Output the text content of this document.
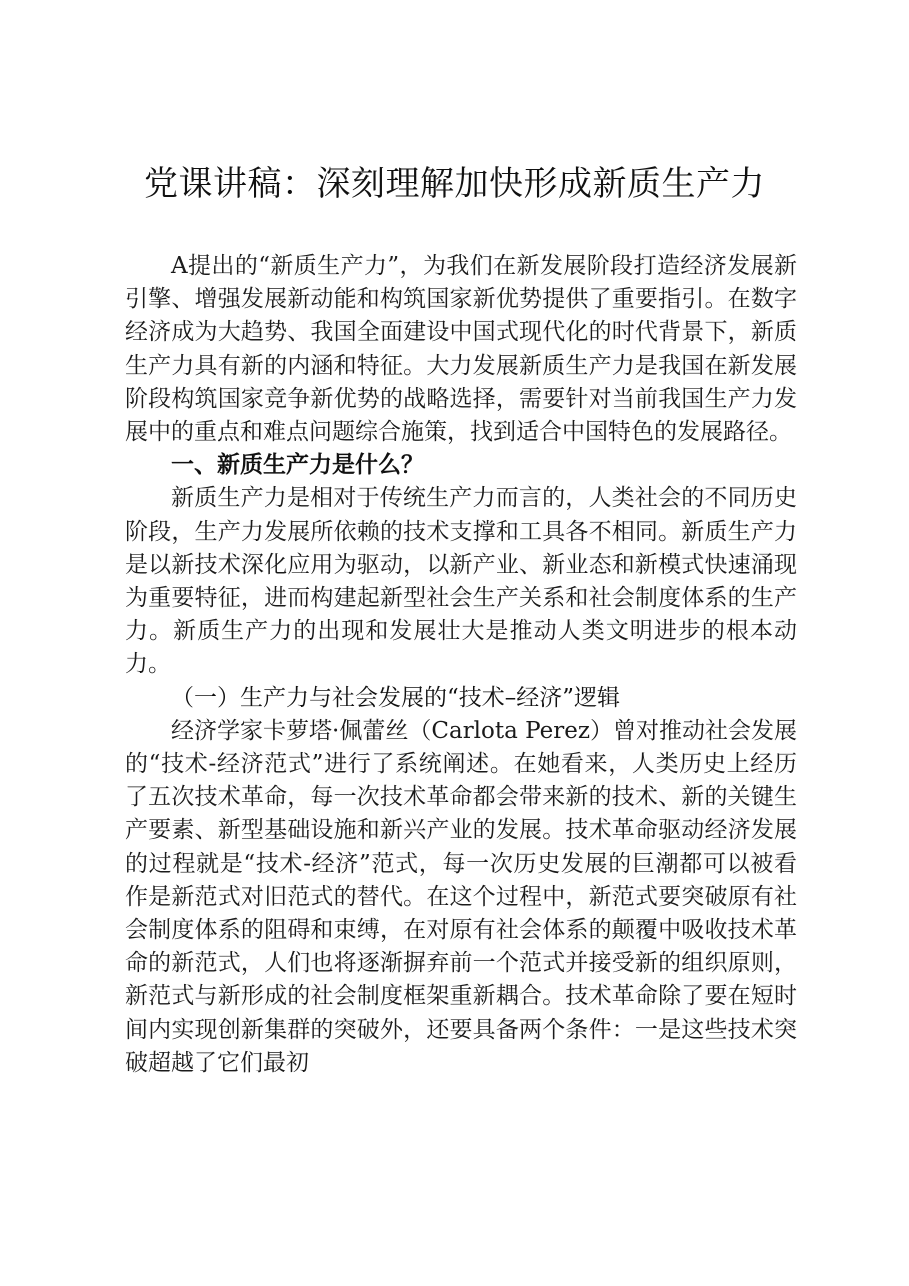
党课讲稿：深刻理解加快形成新质生产力

A提出的“新质生产力”，为我们在新发展阶段打造经济发展新引擎、增强发展新动能和构筑国家新优势提供了重要指引。在数字经济成为大趋势、我国全面建设中国式现代化的时代背景下，新质生产力具有新的内涵和特征。大力发展新质生产力是我国在新发展阶段构筑国家竞争新优势的战略选择，需要针对当前我国生产力发展中的重点和难点问题综合施策，找到适合中国特色的发展路径。

一、新质生产力是什么？

新质生产力是相对于传统生产力而言的，人类社会的不同历史阶段，生产力发展所依赖的技术支撑和工具各不相同。新质生产力是以新技术深化应用为驱动，以新产业、新业态和新模式快速涌现为重要特征，进而构建起新型社会生产关系和社会制度体系的生产力。新质生产力的出现和发展壮大是推动人类文明进步的根本动力。

（一）生产力与社会发展的“技术–经济”逻辑

经济学家卡萝塔·佩蕾丝（Carlota Perez）曾对推动社会发展的“技术-经济范式”进行了系统阐述。在她看来，人类历史上经历了五次技术革命，每一次技术革命都会带来新的技术、新的关键生产要素、新型基础设施和新兴产业的发展。技术革命驱动经济发展的过程就是“技术-经济”范式，每一次历史发展的巨潮都可以被看作是新范式对旧范式的替代。在这个过程中，新范式要突破原有社会制度体系的阻碍和束缚，在对原有社会体系的颠覆中吸收技术革命的新范式，人们也将逐渐摒弃前一个范式并接受新的组织原则，新范式与新形成的社会制度框架重新耦合。技术革命除了要在短时间内实现创新集群的突破外，还要具备两个条件：一是这些技术突破超越了它们最初
